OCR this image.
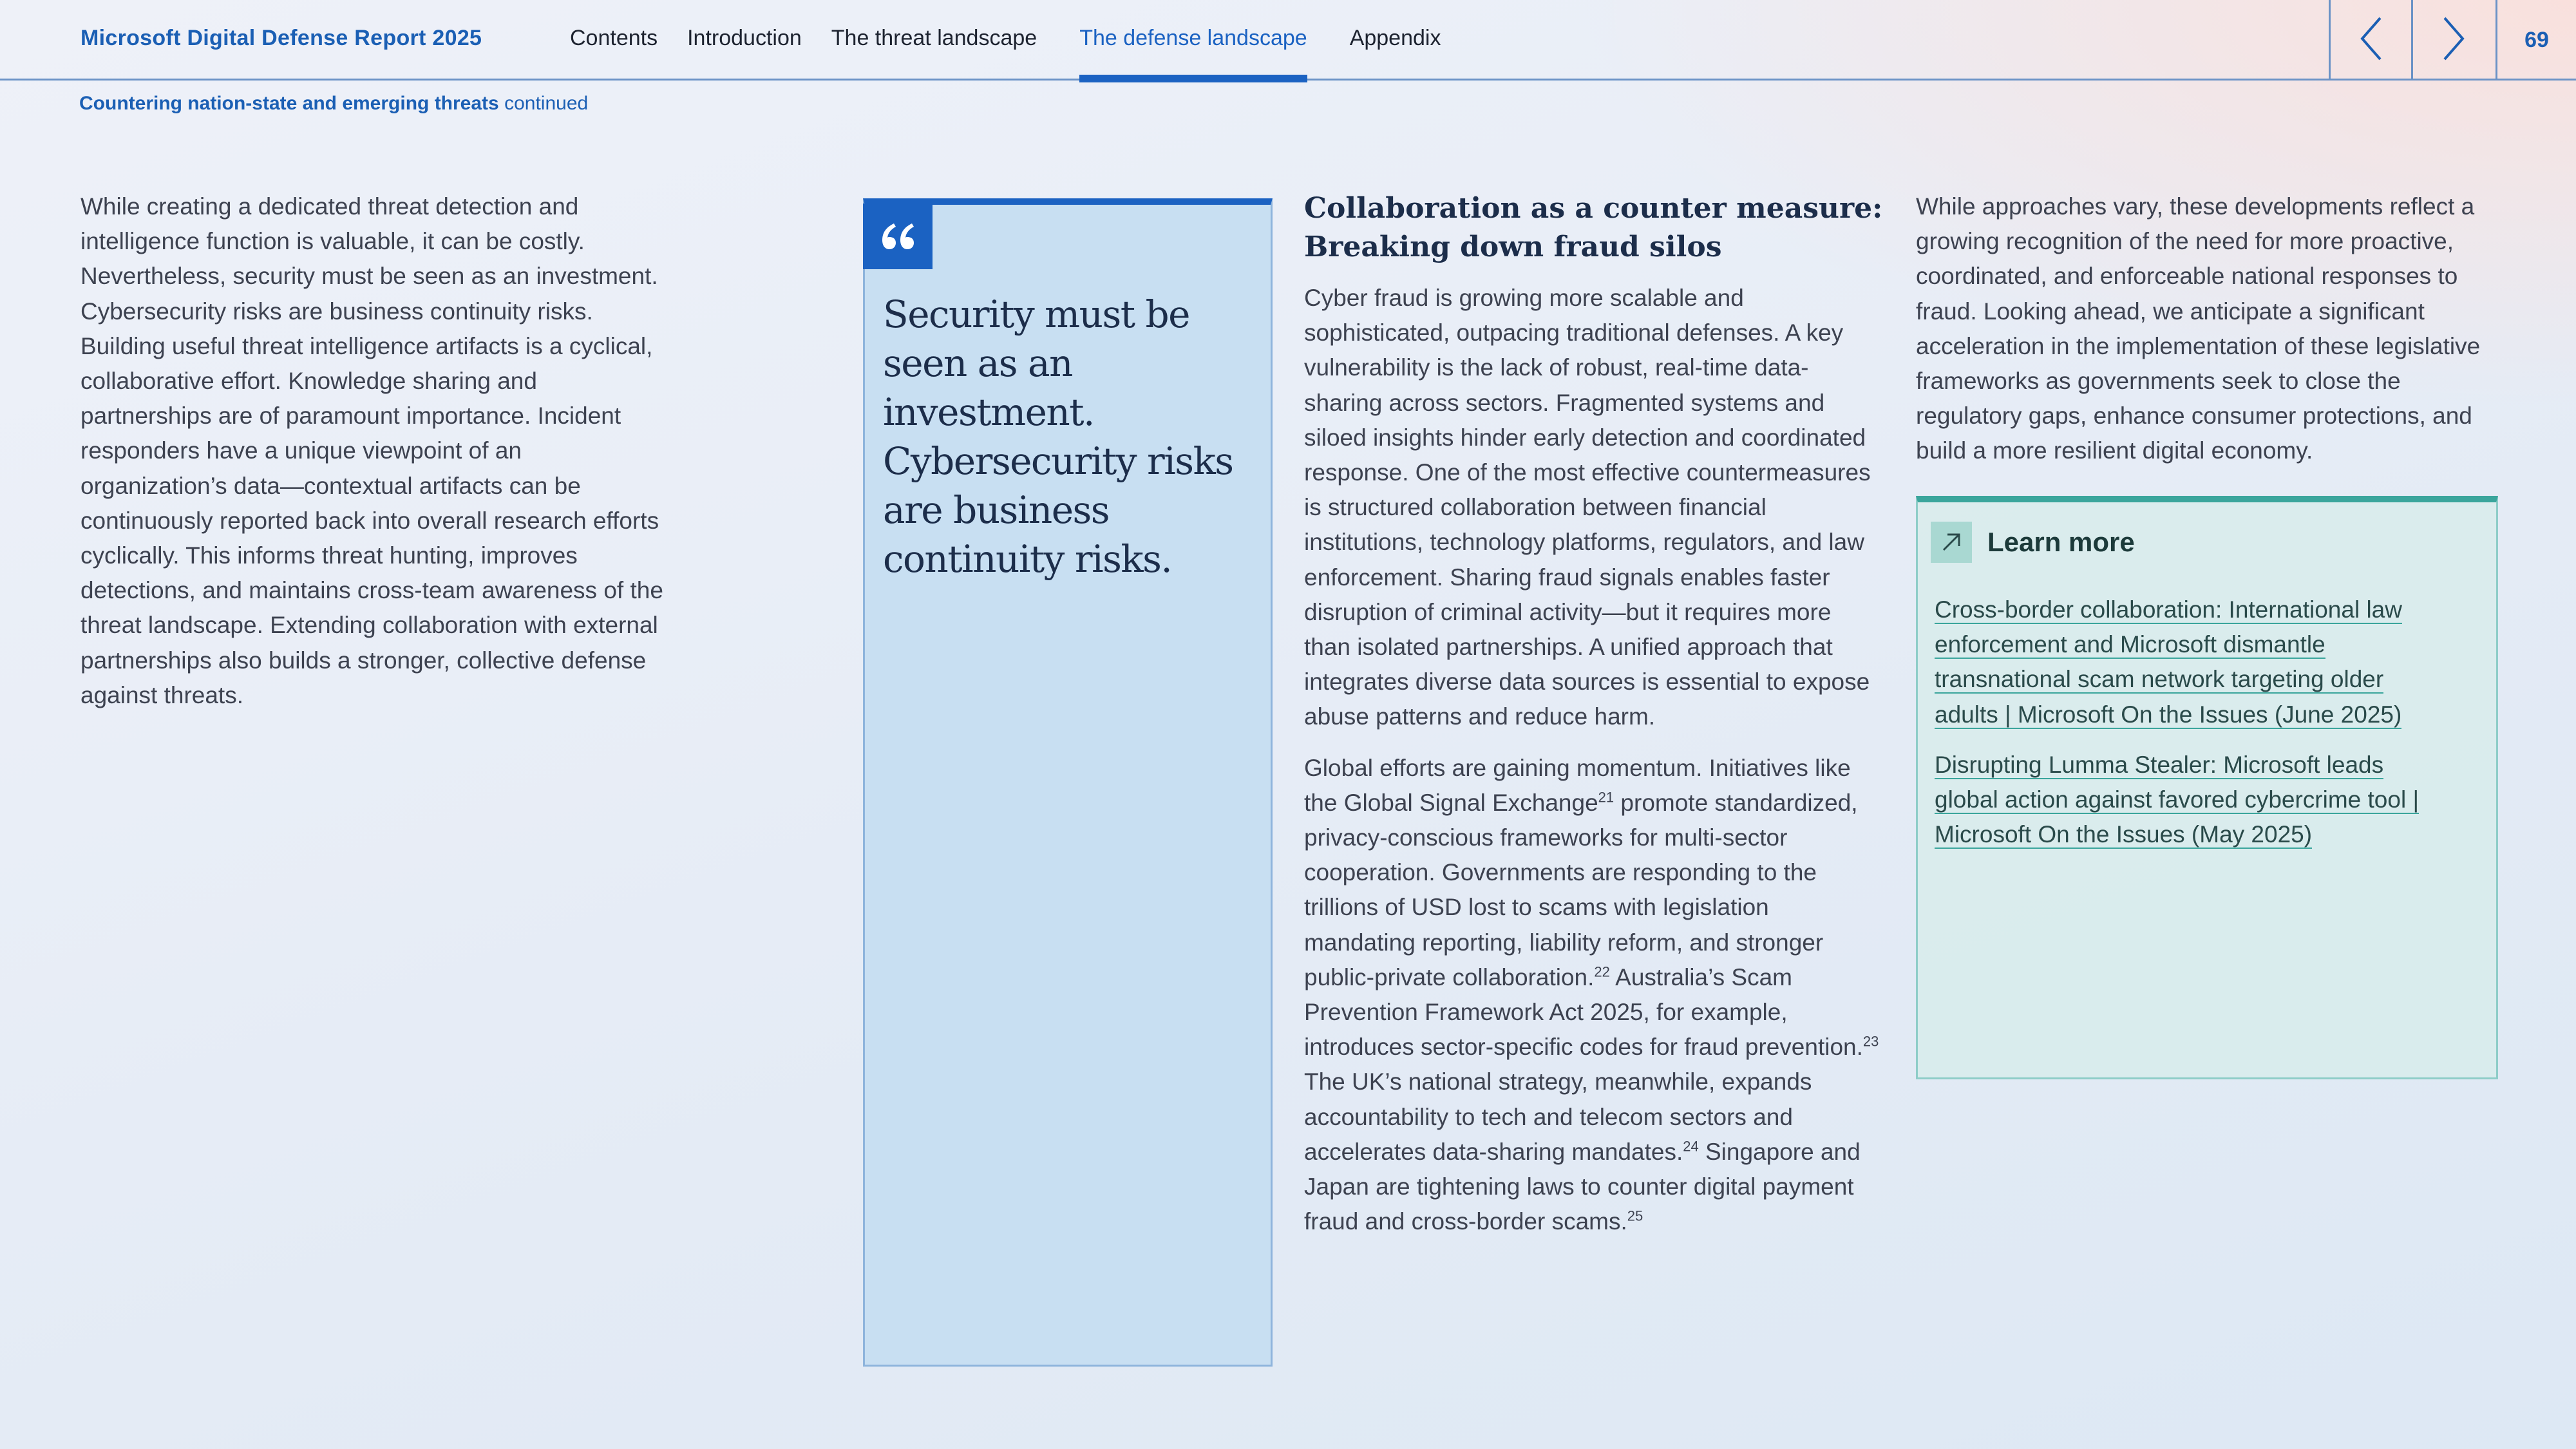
Microsoft Digital Defense Report 2025	Contents Introduction The threat landscape The defense landscape Appendix	69
Countering nation-state and emerging threats continued

While creating a dedicated threat detection and intelligence function is valuable, it can be costly. Nevertheless, security must be seen as an investment. Cybersecurity risks are business continuity risks. Building useful threat intelligence artifacts is a cyclical, collaborative effort. Knowledge sharing and partnerships are of paramount importance. Incident responders have a unique viewpoint of an organization’s data—contextual artifacts can be continuously reported back into overall research efforts cyclically. This informs threat hunting, improves detections, and maintains cross-team awareness of the threat landscape. Extending collaboration with external partnerships also builds a stronger, collective defense against threats.

Security must be seen as an investment. Cybersecurity risks are business continuity risks.
Collaboration as a counter measure: Breaking down fraud silos

Cyber fraud is growing more scalable and sophisticated, outpacing traditional defenses. A key vulnerability is the lack of robust, real-time data-sharing across sectors. Fragmented systems and siloed insights hinder early detection and coordinated response. One of the most effective countermeasures is structured collaboration between financial institutions, technology platforms, regulators, and law enforcement. Sharing fraud signals enables faster disruption of criminal activity—but it requires more than isolated partnerships. A unified approach that integrates diverse data sources is essential to expose abuse patterns and reduce harm.

Global efforts are gaining momentum. Initiatives like the Global Signal Exchange$^{21}$ promote standardized, privacy-conscious frameworks for multi-sector cooperation. Governments are responding to the trillions of USD lost to scams with legislation mandating reporting, liability reform, and stronger public-private collaboration.$^{22}$ Australia’s Scam Prevention Framework Act 2025, for example, introduces sector-specific codes for fraud prevention.$^{23}$ The UK’s national strategy, meanwhile, expands accountability to tech and telecom sectors and accelerates data-sharing mandates.$^{24}$ Singapore and Japan are tightening laws to counter digital payment fraud and cross-border scams.$^{25}$

While approaches vary, these developments reflect a growing recognition of the need for more proactive, coordinated, and enforceable national responses to fraud. Looking ahead, we anticipate a significant acceleration in the implementation of these legislative frameworks as governments seek to close the regulatory gaps, enhance consumer protections, and build a more resilient digital economy.

Learn more
Cross-border collaboration: International law enforcement and Microsoft dismantle transnational scam network targeting older adults | Microsoft On the Issues (June 2025)
Disrupting Lumma Stealer: Microsoft leads global action against favored cybercrime tool | Microsoft On the Issues (May 2025)
